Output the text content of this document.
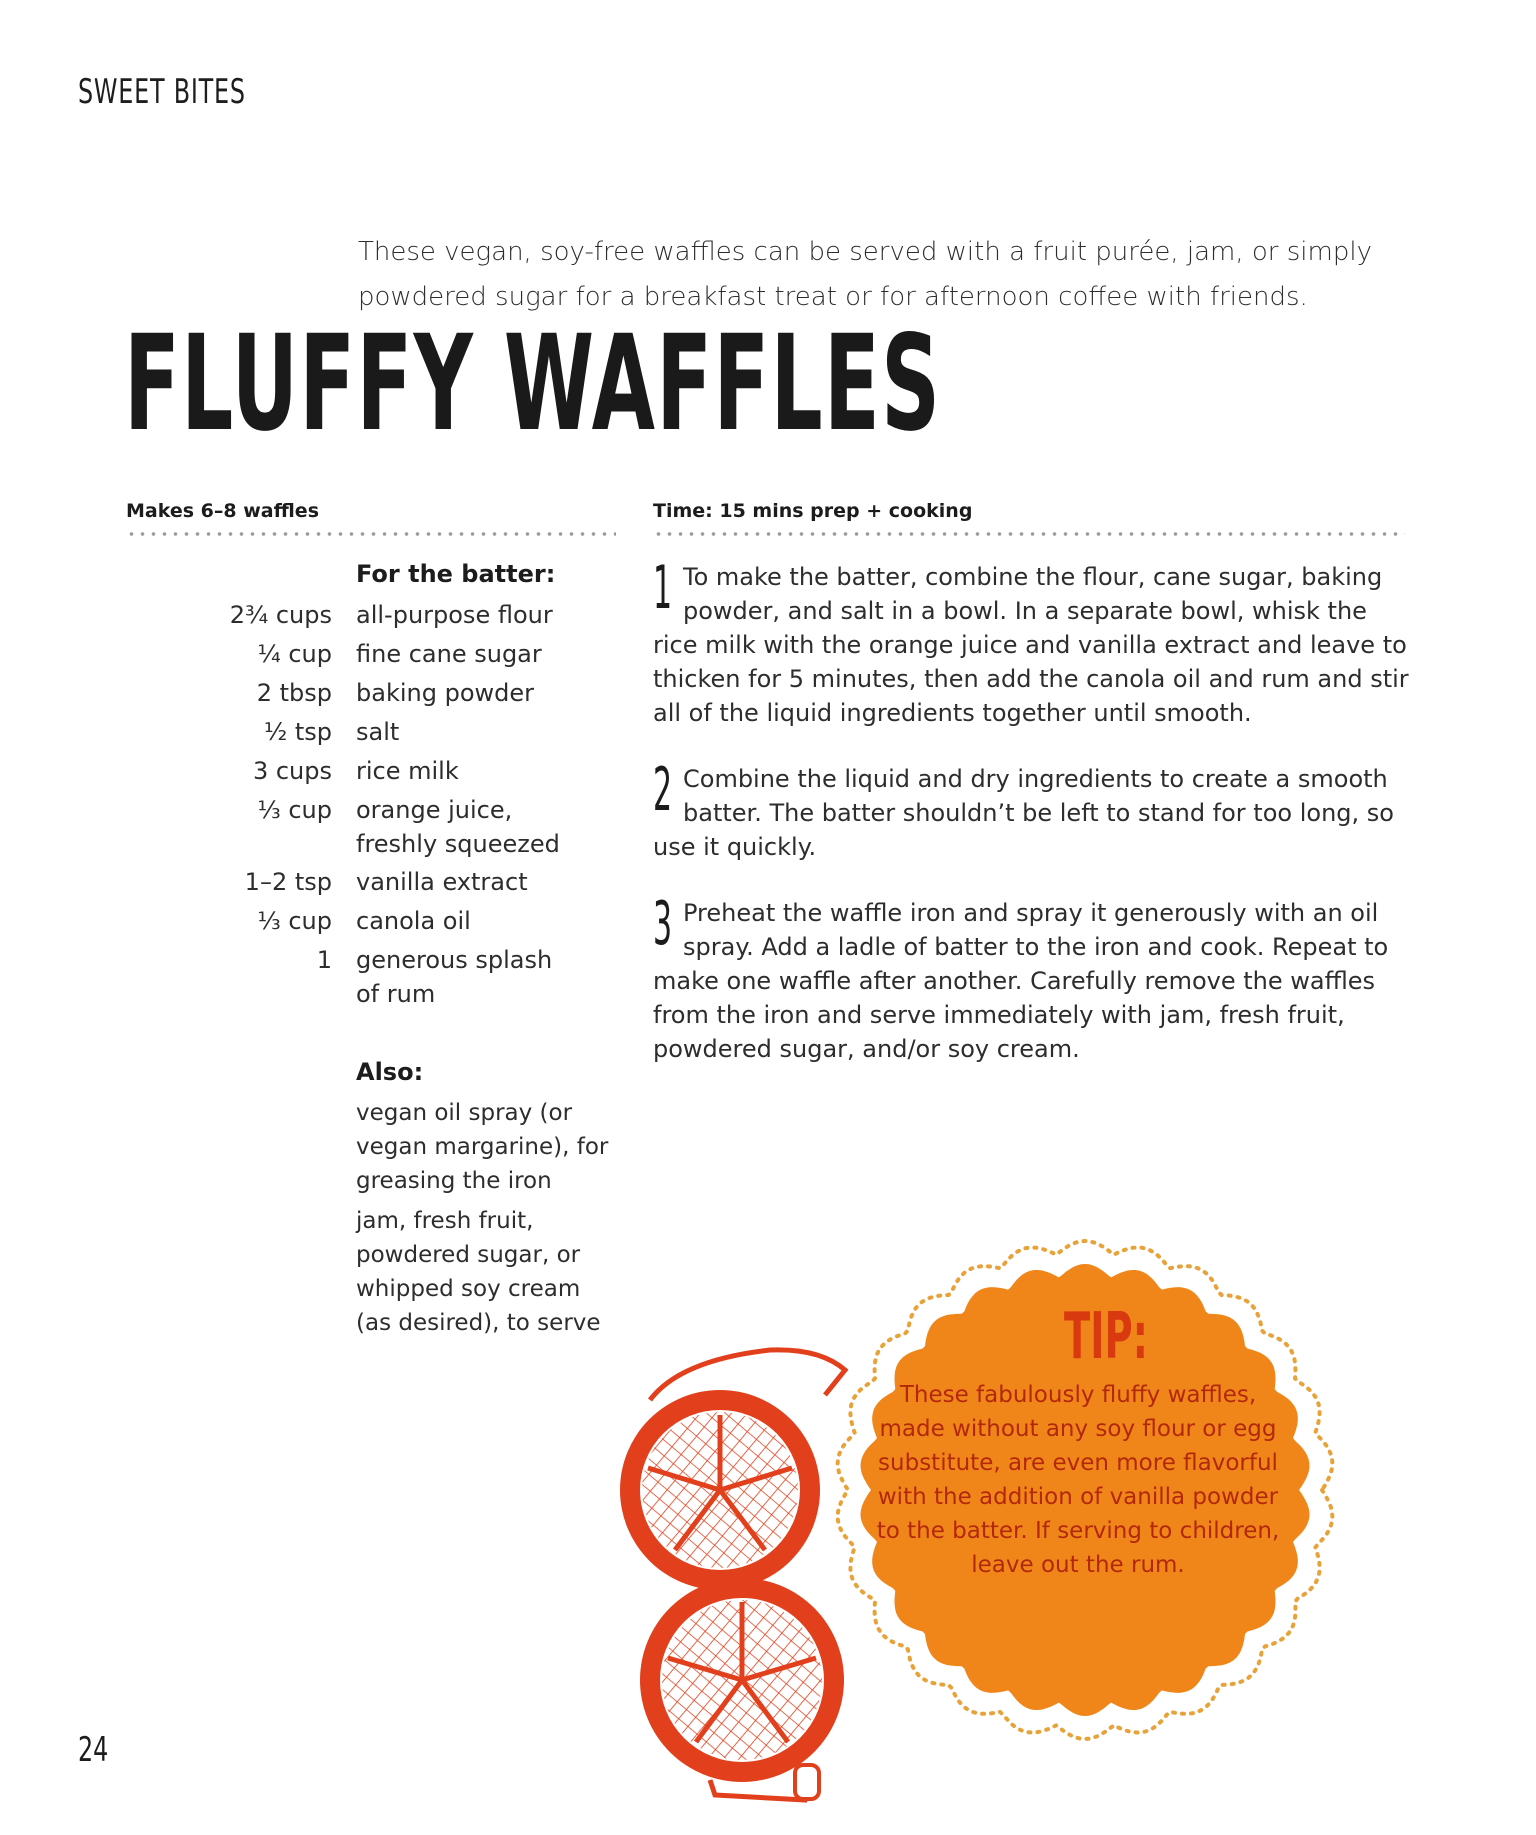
SWEET BITES
These vegan, soy-free waffles can be served with a fruit purée, jam, or simply powdered sugar for a breakfast treat or for afternoon coffee with friends.
FLUFFY WAFFLES
Makes 6–8 waffles	Time: 15 mins prep + cooking
For the batter:
2¾ cups all-purpose flour
¼ cup fine cane sugar
2 tbsp baking powder
½ tsp salt
3 cups rice milk
⅓ cup orange juice,
freshly squeezed
1–2 tsp vanilla extract
⅓ cup canola oil
1 generous splash
of rum
Also:
vegan oil spray (or
vegan margarine), for
greasing the iron
jam, fresh fruit,
powdered sugar, or
whipped soy cream
(as desired), to serve
1 To make the batter, combine the flour, cane sugar, baking powder, and salt in a bowl. In a separate bowl, whisk the rice milk with the orange juice and vanilla extract and leave to thicken for 5 minutes, then add the canola oil and rum and stir all of the liquid ingredients together until smooth.
2 Combine the liquid and dry ingredients to create a smooth batter. The batter shouldn’t be left to stand for too long, so use it quickly.
3 Preheat the waffle iron and spray it generously with an oil spray. Add a ladle of batter to the iron and cook. Repeat to make one waffle after another. Carefully remove the waffles from the iron and serve immediately with jam, fresh fruit, powdered sugar, and/or soy cream.
TIP:
These fabulously fluffy waffles, made without any soy flour or egg substitute, are even more flavorful with the addition of vanilla powder to the batter. If serving to children, leave out the rum.
24
